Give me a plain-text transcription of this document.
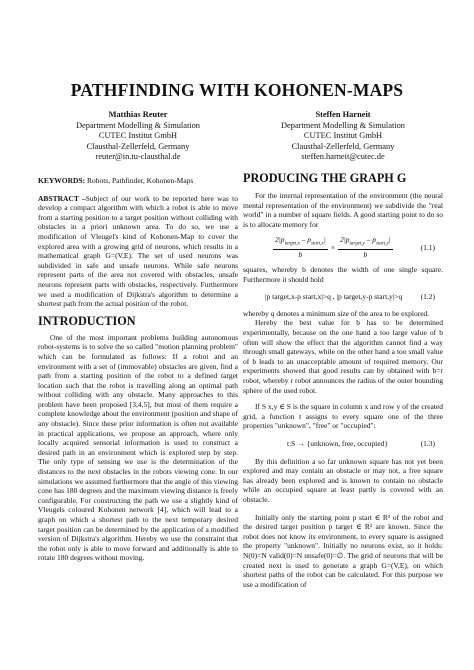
PATHFINDING WITH KOHONEN-MAPS
Matthias Reuter
Department Modelling & Simulation
CUTEC Institut GmbH
Clausthal-Zellerfeld, Germany
reuter@in.tu-clausthal.de
Steffen Harneit
Department Modelling & Simulation
CUTEC Institut GmbH
Clausthal-Zellerfeld, Germany
steffen.harneit@cutec.de

KEYWORDS: Robots, Pathfinder, Kohonen-Maps

ABSTRACT –Subject of our work to be reported here was to develop a compact algorithm with which a robot is able to move from a starting position to a target position without colliding with obstacles in a priori unknown area. To do so, we use a modification of Vleugel's kind of Kohonen-Map to cover the explored area with a growing grid of neurons, which results in a mathematical graph G=(V,E). The set of used neurons was subdivided in safe and unsafe neurons. While safe neurons represent parts of the area not covered with obstacles, unsafe neurons represent parts with obstacles, respectively. Furthermore we used a modification of Dijkstra's algorithm to determine a shortest path from the actual position of the robot.

INTRODUCTION

One of the most important problems building autonomous robot-systems is to solve the so called "motion planning problem" which can be formulated as follows: If a robot and an environment with a set of (immovable) obstacles are given, find a path from a starting position of the robot to a defined target location such that the robot is travelling along an optimal path without colliding with any obstacle. Many approaches to this problem have been proposed [3,4,5], but most of them require a complete knowledge about the environment (position and shape of any obstacle). Since these prior information is often not available in practical applications, we propose an approach, where only locally acquired sensorial information is used to construct a desired path in an environment which is explored step by step. The only type of sensing we use is the determination of the distances to the next obstacles in the robots viewing cone. In our simulations we assumed furthermore that the angle of this viewing cone has 180 degrees and the maximum viewing distance is freely configurable. For constructing the path we use a slightly kind of Vleugels coloured Kohonen network [4], which will lead to a graph on which a shortest path to the next temporary desired target position can be determined by the application of a modified version of Dijkstra's algorithm. Hereby we use the constraint that the robot only is able to move forward and additionally is able to rotate 180 degrees without moving.

PRODUCING THE GRAPH G

For the internal representation of the environment (the neural mental representation of the environment) we subdivide the "real world" in a number of square fields. A good starting point to do so is to allocate memory for

$\frac{2|p_{target,x} - p_{start,x}|}{b} \times \frac{2|p_{target,y} - p_{start,y}|}{b}$	(1.1)

squares, whereby b denotes the width of one single square. Furthermore it should hold

|p target,x-p start,x|>q , |p target,y-p start,y|>q (1.2)

whereby q denotes a minimum size of the area to be explored.

Hereby the best value for b has to be determined experimentally, because on the one hand a too large value of b often will show the effect that the algorithm cannot find a way through small gateways, while on the other hand a too small value of b leads to an unacceptable amount of required memory. Our experiments showed that good results can by obtained with b=r robot, whereby r robot announces the radius of the outer bounding sphere of the used robot.

If S x,y ∈ S is the square in column x and row y of the created grid, a function t assigns to every square one of the three properties "unknown", "free" or "occupied":

t:S → {unknown, free, occupied}	(1.3)

By this definition a so far unknown square has not yet been explored and may contain an obstacle or may not, a free square has already been explored and is known to contain no obstacle while an occupied square at least partly is covered with an obstacle.

Initially only the starting point p start ∈ R² of the robot and the desired target position p target ∈ R² are known. Since the robot does not know its environment, to every square is assigned the property "unknown". Initially no neurons exist, so it holds: N(0)=N valid(0)=N unsafe(0)=∅. The grid of neurons that will be created next is used to generate a graph G=(V,E), on which shortest paths of the robot can be calculated. For this purpose we use a modification of
